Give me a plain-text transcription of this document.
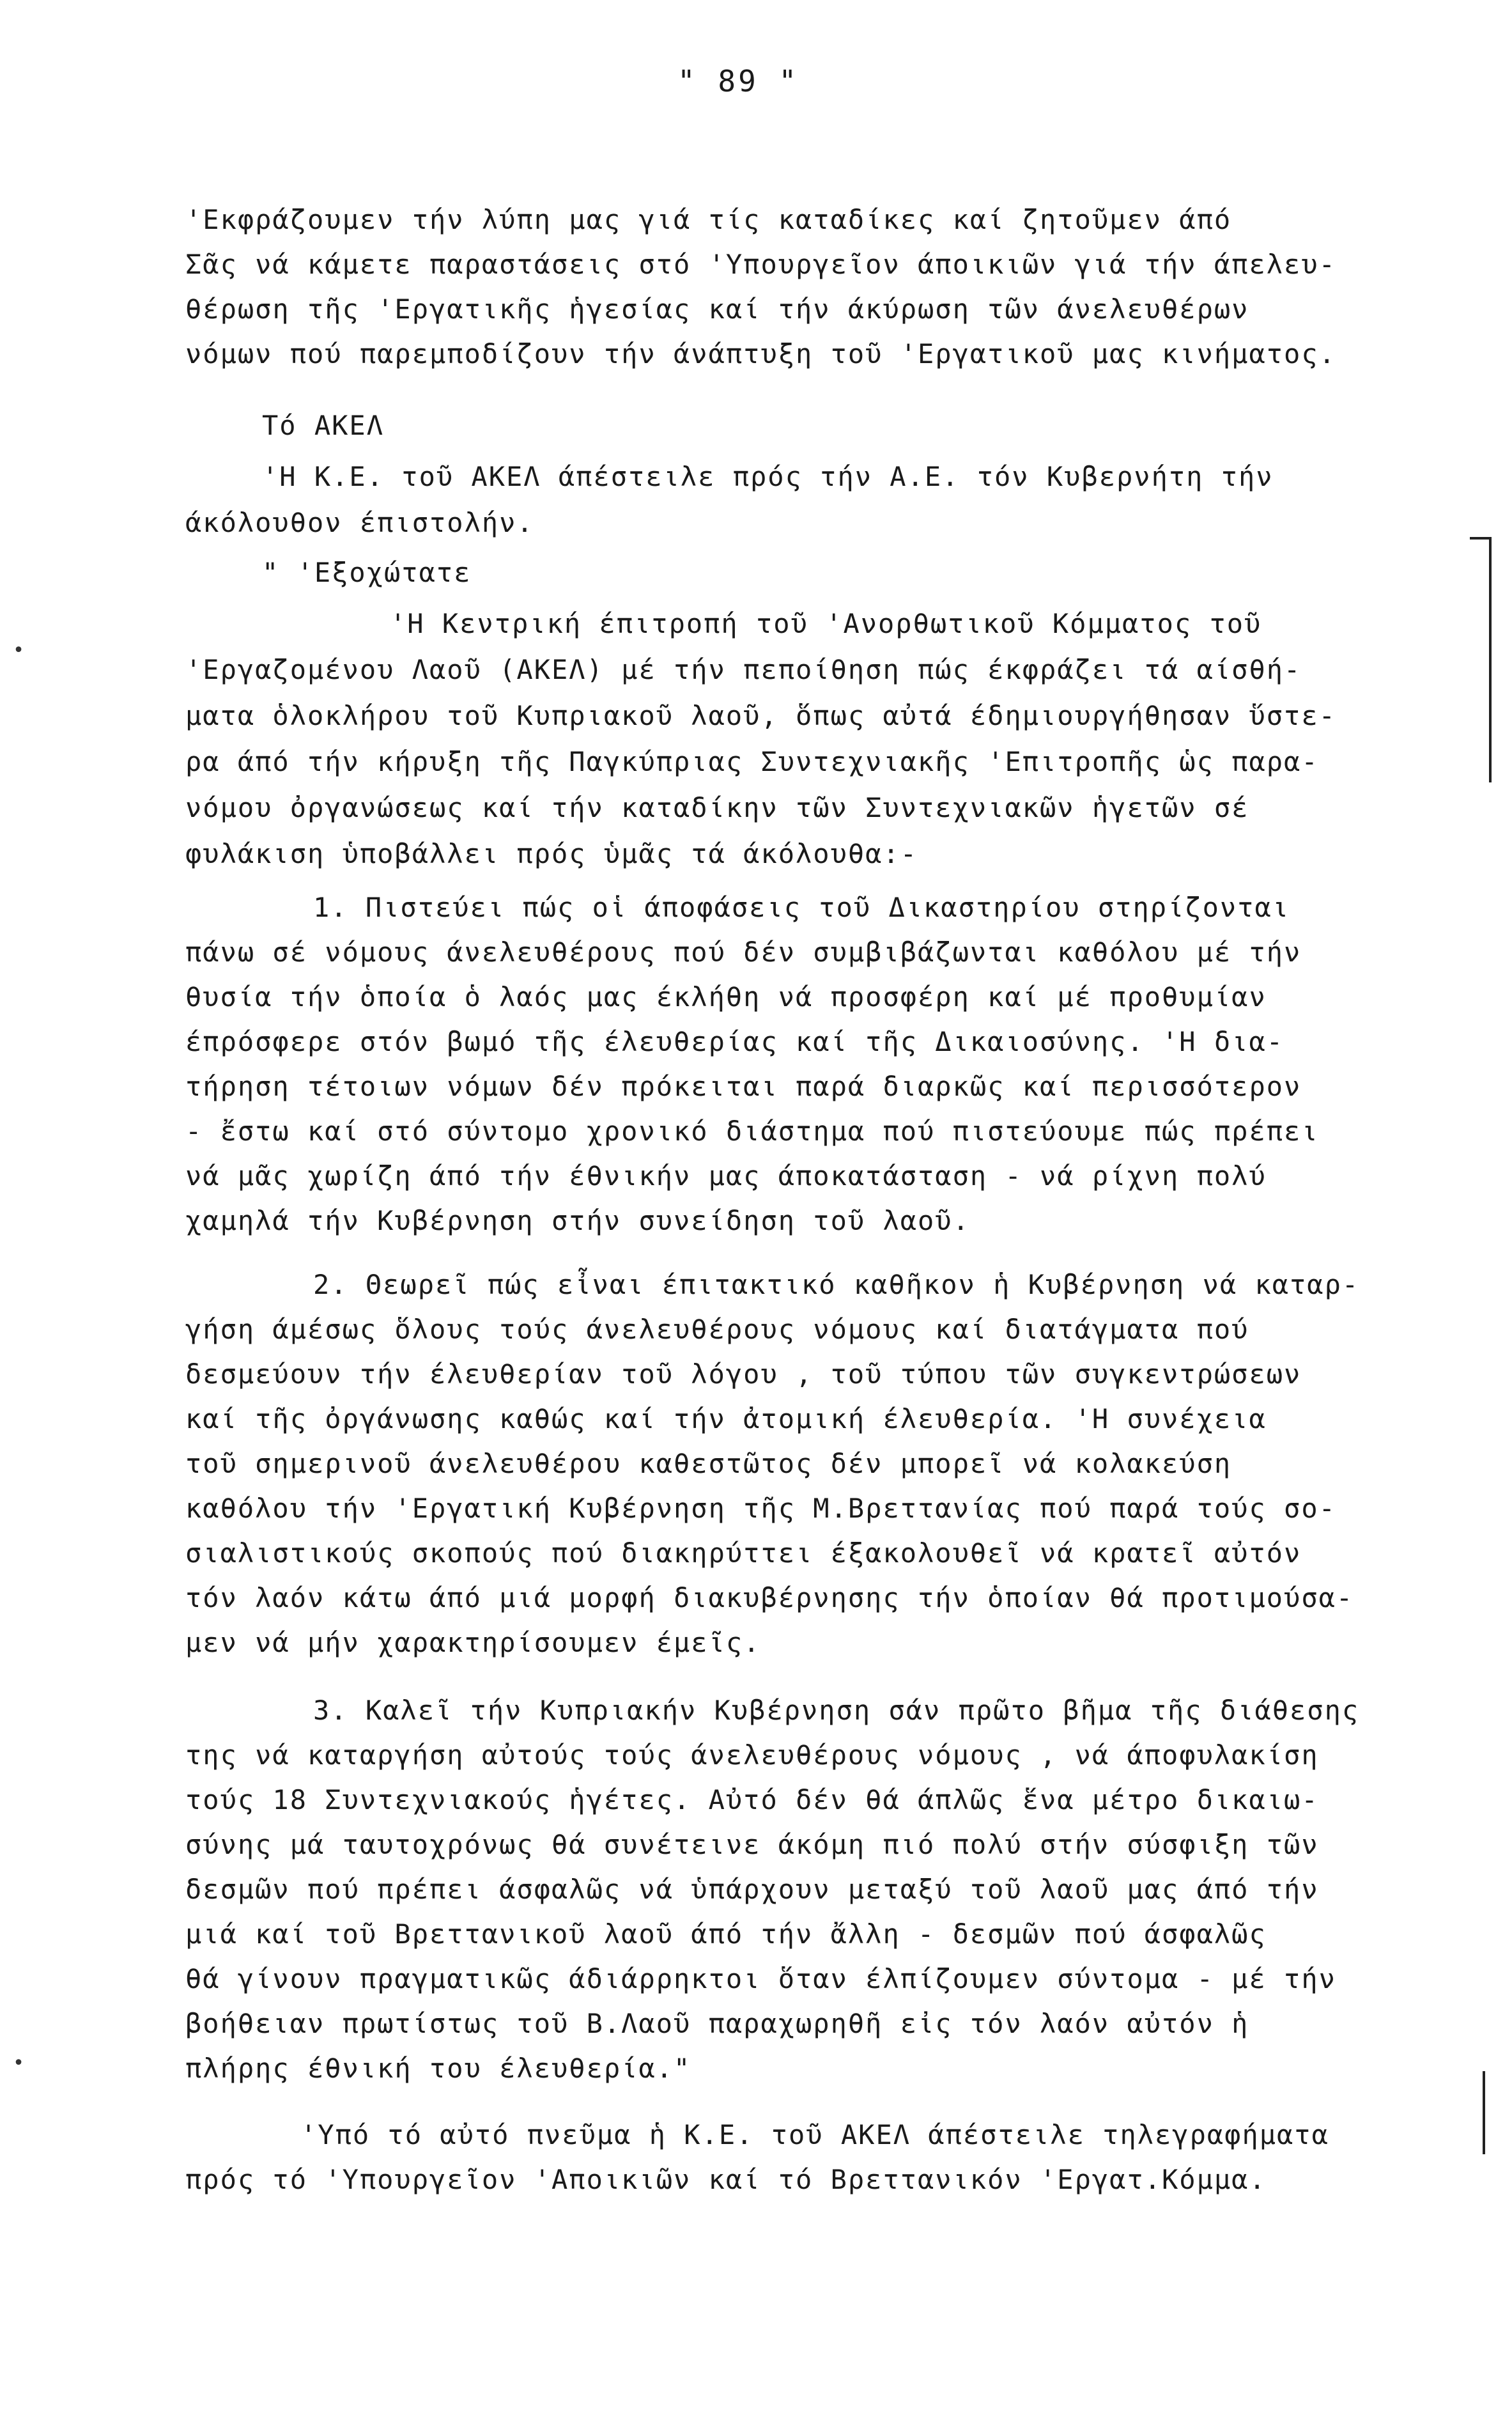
" 89 "
'Εκφράζουμεν τήν λύπη μας γιά τίς καταδίκες καί ζητοῦμεν άπό
Σᾶς νά κάμετε παραστάσεις στό 'Υπουργεῖον άποικιῶν γιά τήν άπελευ-
θέρωση τῆς 'Εργατικῆς ἡγεσίας καί τήν άκύρωση τῶν άνελευθέρων
νόμων πού παρεμποδίζουν τήν άνάπτυξη τοῦ 'Εργατικοῦ μας κινήματος.
Τό ΑΚΕΛ
'Η Κ.Ε. τοῦ ΑΚΕΛ άπέστειλε πρός τήν Α.Ε. τόν Κυβερνήτη τήν
άκόλουθον έπιστολήν.
" 'Εξοχώτατε
'Η Κεντρική έπιτροπή τοῦ 'Ανορθωτικοῦ Κόμματος τοῦ
'Εργαζομένου Λαοῦ (ΑΚΕΛ) μέ τήν πεποίθηση πώς έκφράζει τά αίσθή-
ματα ὁλοκλήρου τοῦ Κυπριακοῦ λαοῦ, ὅπως αὐτά έδημιουργήθησαν ὕστε-
ρα άπό τήν κήρυξη τῆς Παγκύπριας Συντεχνιακῆς 'Επιτροπῆς ὡς παρα-
νόμου ὀργανώσεως καί τήν καταδίκην τῶν Συντεχνιακῶν ἡγετῶν σέ
φυλάκιση ὑποβάλλει πρός ὑμᾶς τά άκόλουθα:-
1. Πιστεύει πώς οἱ άποφάσεις τοῦ Δικαστηρίου στηρίζονται
πάνω σέ νόμους άνελευθέρους πού δέν συμβιβάζωνται καθόλου μέ τήν
θυσία τήν ὁποία ὁ λαός μας έκλήθη νά προσφέρη καί μέ προθυμίαν
έπρόσφερε στόν βωμό τῆς έλευθερίας καί τῆς Δικαιοσύνης. 'Η δια-
τήρηση τέτοιων νόμων δέν πρόκειται παρά διαρκῶς καί περισσότερον
- ἔστω καί στό σύντομο χρονικό διάστημα πού πιστεύουμε πώς πρέπει
νά μᾶς χωρίζη άπό τήν έθνικήν μας άποκατάσταση - νά ρίχνη πολύ
χαμηλά τήν Κυβέρνηση στήν συνείδηση τοῦ λαοῦ.
2. Θεωρεῖ πώς εἶναι έπιτακτικό καθῆκον ἡ Κυβέρνηση νά καταρ-
γήση άμέσως ὅλους τούς άνελευθέρους νόμους καί διατάγματα πού
δεσμεύουν τήν έλευθερίαν τοῦ λόγου , τοῦ τύπου τῶν συγκεντρώσεων
καί τῆς ὀργάνωσης καθώς καί τήν ἀτομική έλευθερία. 'Η συνέχεια
τοῦ σημερινοῦ άνελευθέρου καθεστῶτος δέν μπορεῖ νά κολακεύση
καθόλου τήν 'Εργατική Κυβέρνηση τῆς Μ.Βρεττανίας πού παρά τούς σο-
σιαλιστικούς σκοπούς πού διακηρύττει έξακολουθεῖ νά κρατεῖ αὐτόν
τόν λαόν κάτω άπό μιά μορφή διακυβέρνησης τήν ὁποίαν θά προτιμούσα-
μεν νά μήν χαρακτηρίσουμεν έμεῖς.
3. Καλεῖ τήν Κυπριακήν Κυβέρνηση σάν πρῶτο βῆμα τῆς διάθεσης
της νά καταργήση αὐτούς τούς άνελευθέρους νόμους , νά άποφυλακίση
τούς 18 Συντεχνιακούς ἡγέτες. Αὐτό δέν θά άπλῶς ἕνα μέτρο δικαιω-
σύνης μά ταυτοχρόνως θά συνέτεινε άκόμη πιό πολύ στήν σύσφιξη τῶν
δεσμῶν πού πρέπει άσφαλῶς νά ὑπάρχουν μεταξύ τοῦ λαοῦ μας άπό τήν
μιά καί τοῦ Βρεττανικοῦ λαοῦ άπό τήν ἄλλη - δεσμῶν πού άσφαλῶς
θά γίνουν πραγματικῶς άδιάρρηκτοι ὅταν έλπίζουμεν σύντομα - μέ τήν
βοήθειαν πρωτίστως τοῦ Β.Λαοῦ παραχωρηθῆ εἰς τόν λαόν αὐτόν ἡ
πλήρης έθνική του έλευθερία."
'Υπό τό αὐτό πνεῦμα ἡ Κ.Ε. τοῦ ΑΚΕΛ άπέστειλε τηλεγραφήματα
πρός τό 'Υπουργεῖον 'Αποικιῶν καί τό Βρεττανικόν 'Εργατ.Κόμμα.
•
•
